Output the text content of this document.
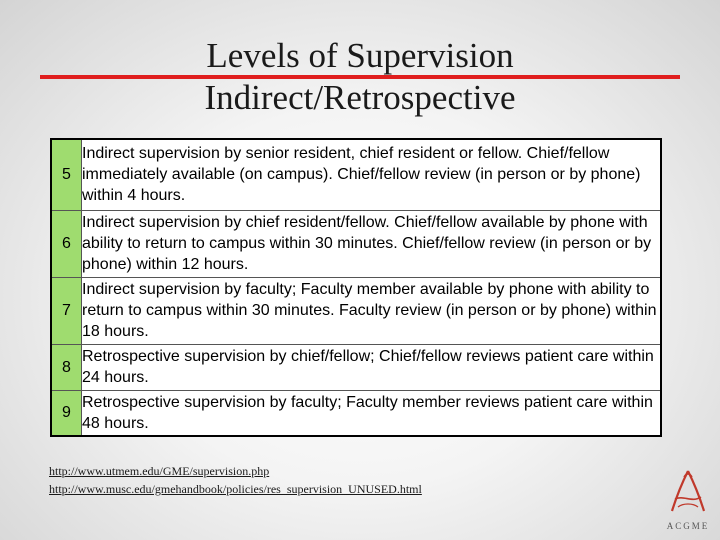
Levels of Supervision
Indirect/Retrospective
5	Indirect supervision by senior resident, chief resident or fellow. Chief/fellow immediately available (on campus). Chief/fellow review (in person or by phone) within 4 hours.
6	Indirect supervision by chief resident/fellow. Chief/fellow available by phone with ability to return to campus within 30 minutes. Chief/fellow review (in person or by phone) within 12 hours.
7	Indirect supervision by faculty; Faculty member available by phone with ability to return to campus within 30 minutes. Faculty review (in person or by phone) within 18 hours.
8	Retrospective supervision by chief/fellow; Chief/fellow reviews patient care within 24 hours.
9	Retrospective supervision by faculty; Faculty member reviews patient care within 48 hours.
http://www.utmem.edu/GME/supervision.php
http://www.musc.edu/gmehandbook/policies/res_supervision_UNUSED.html
ACGME
